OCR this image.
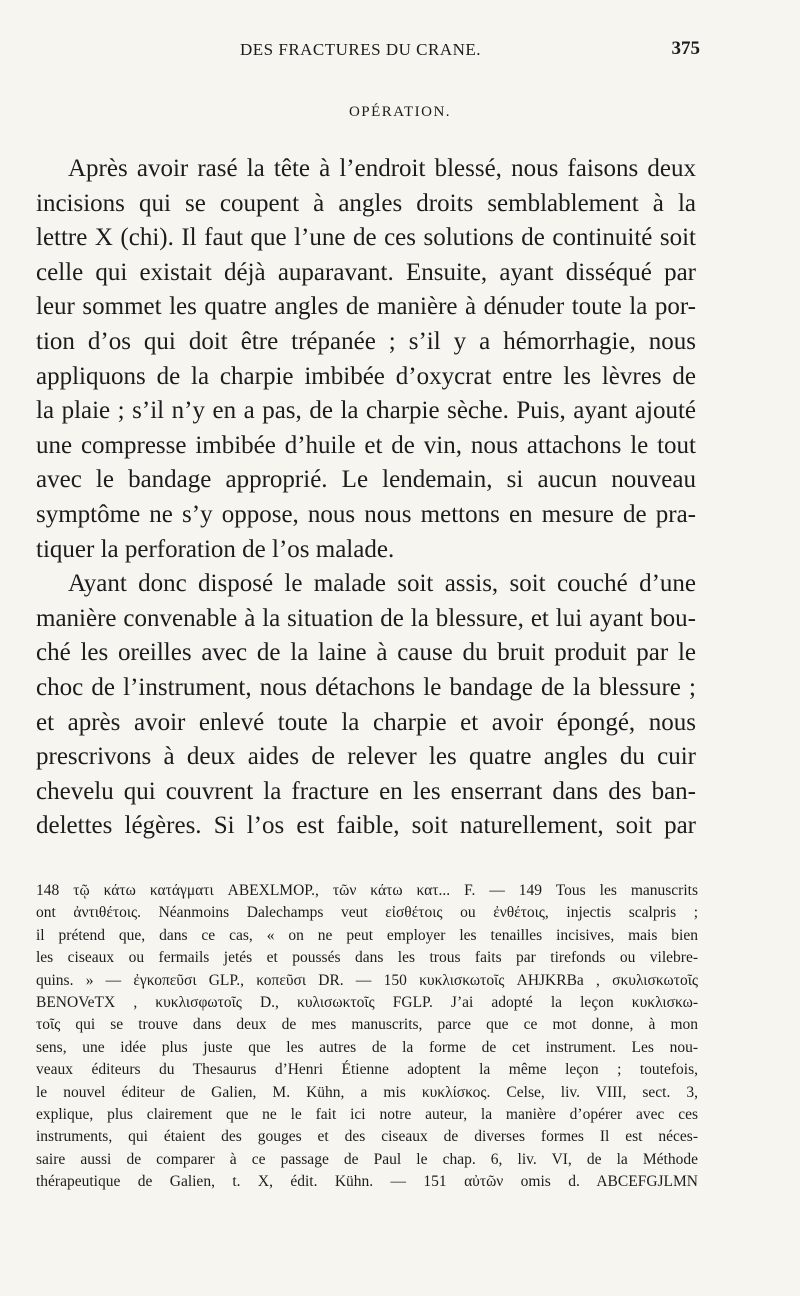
DES FRACTURES DU CRANE.	375
OPÉRATION.
Après avoir rasé la tête à l’endroit blessé, nous faisons deux
incisions qui se coupent à angles droits semblablement à la
lettre X (chi). Il faut que l’une de ces solutions de continuité soit
celle qui existait déjà auparavant. Ensuite, ayant disséqué par
leur sommet les quatre angles de manière à dénuder toute la por-
tion d’os qui doit être trépanée ; s’il y a hémorrhagie, nous
appliquons de la charpie imbibée d’oxycrat entre les lèvres de
la plaie ; s’il n’y en a pas, de la charpie sèche. Puis, ayant ajouté
une compresse imbibée d’huile et de vin, nous attachons le tout
avec le bandage approprié. Le lendemain, si aucun nouveau
symptôme ne s’y oppose, nous nous mettons en mesure de pra-
tiquer la perforation de l’os malade.
Ayant donc disposé le malade soit assis, soit couché d’une
manière convenable à la situation de la blessure, et lui ayant bou-
ché les oreilles avec de la laine à cause du bruit produit par le
choc de l’instrument, nous détachons le bandage de la blessure ;
et après avoir enlevé toute la charpie et avoir épongé, nous
prescrivons à deux aides de relever les quatre angles du cuir
chevelu qui couvrent la fracture en les enserrant dans des ban-
delettes légères. Si l’os est faible, soit naturellement, soit par
148 τῷ κάτω κατάγματι ABEXLMOP., τῶν κάτω κατ... F. — 149 Tous les manuscrits
ont ἀντιθέτοις. Néanmoins Dalechamps veut εἰσθέτοις ou ἐνθέτοις, injectis scalpris ;
il prétend que, dans ce cas, « on ne peut employer les tenailles incisives, mais bien
les ciseaux ou fermails jetés et poussés dans les trous faits par tirefonds ou vilebre-
quins. » — ἐγκοπεῦσι GLP., κοπεῦσι DR. — 150 κυκλισκωτοῖς AHJKRBa , σκυλισκωτοῖς
BENOVeTX , κυκλισφωτοῖς D., κυλισωκτοῖς FGLP. J’ai adopté la leçon κυκλισκω-
τοῖς qui se trouve dans deux de mes manuscrits, parce que ce mot donne, à mon
sens, une idée plus juste que les autres de la forme de cet instrument. Les nou-
veaux éditeurs du Thesaurus d’Henri Étienne adoptent la même leçon ; toutefois,
le nouvel éditeur de Galien, M. Kühn, a mis κυκλίσκος. Celse, liv. VIII, sect. 3,
explique, plus clairement que ne le fait ici notre auteur, la manière d’opérer avec ces
instruments, qui étaient des gouges et des ciseaux de diverses formes Il est néces-
saire aussi de comparer à ce passage de Paul le chap. 6, liv. VI, de la Méthode
thérapeutique de Galien, t. X, édit. Kühn. — 151 αὐτῶν omis d. ABCEFGJLMN
